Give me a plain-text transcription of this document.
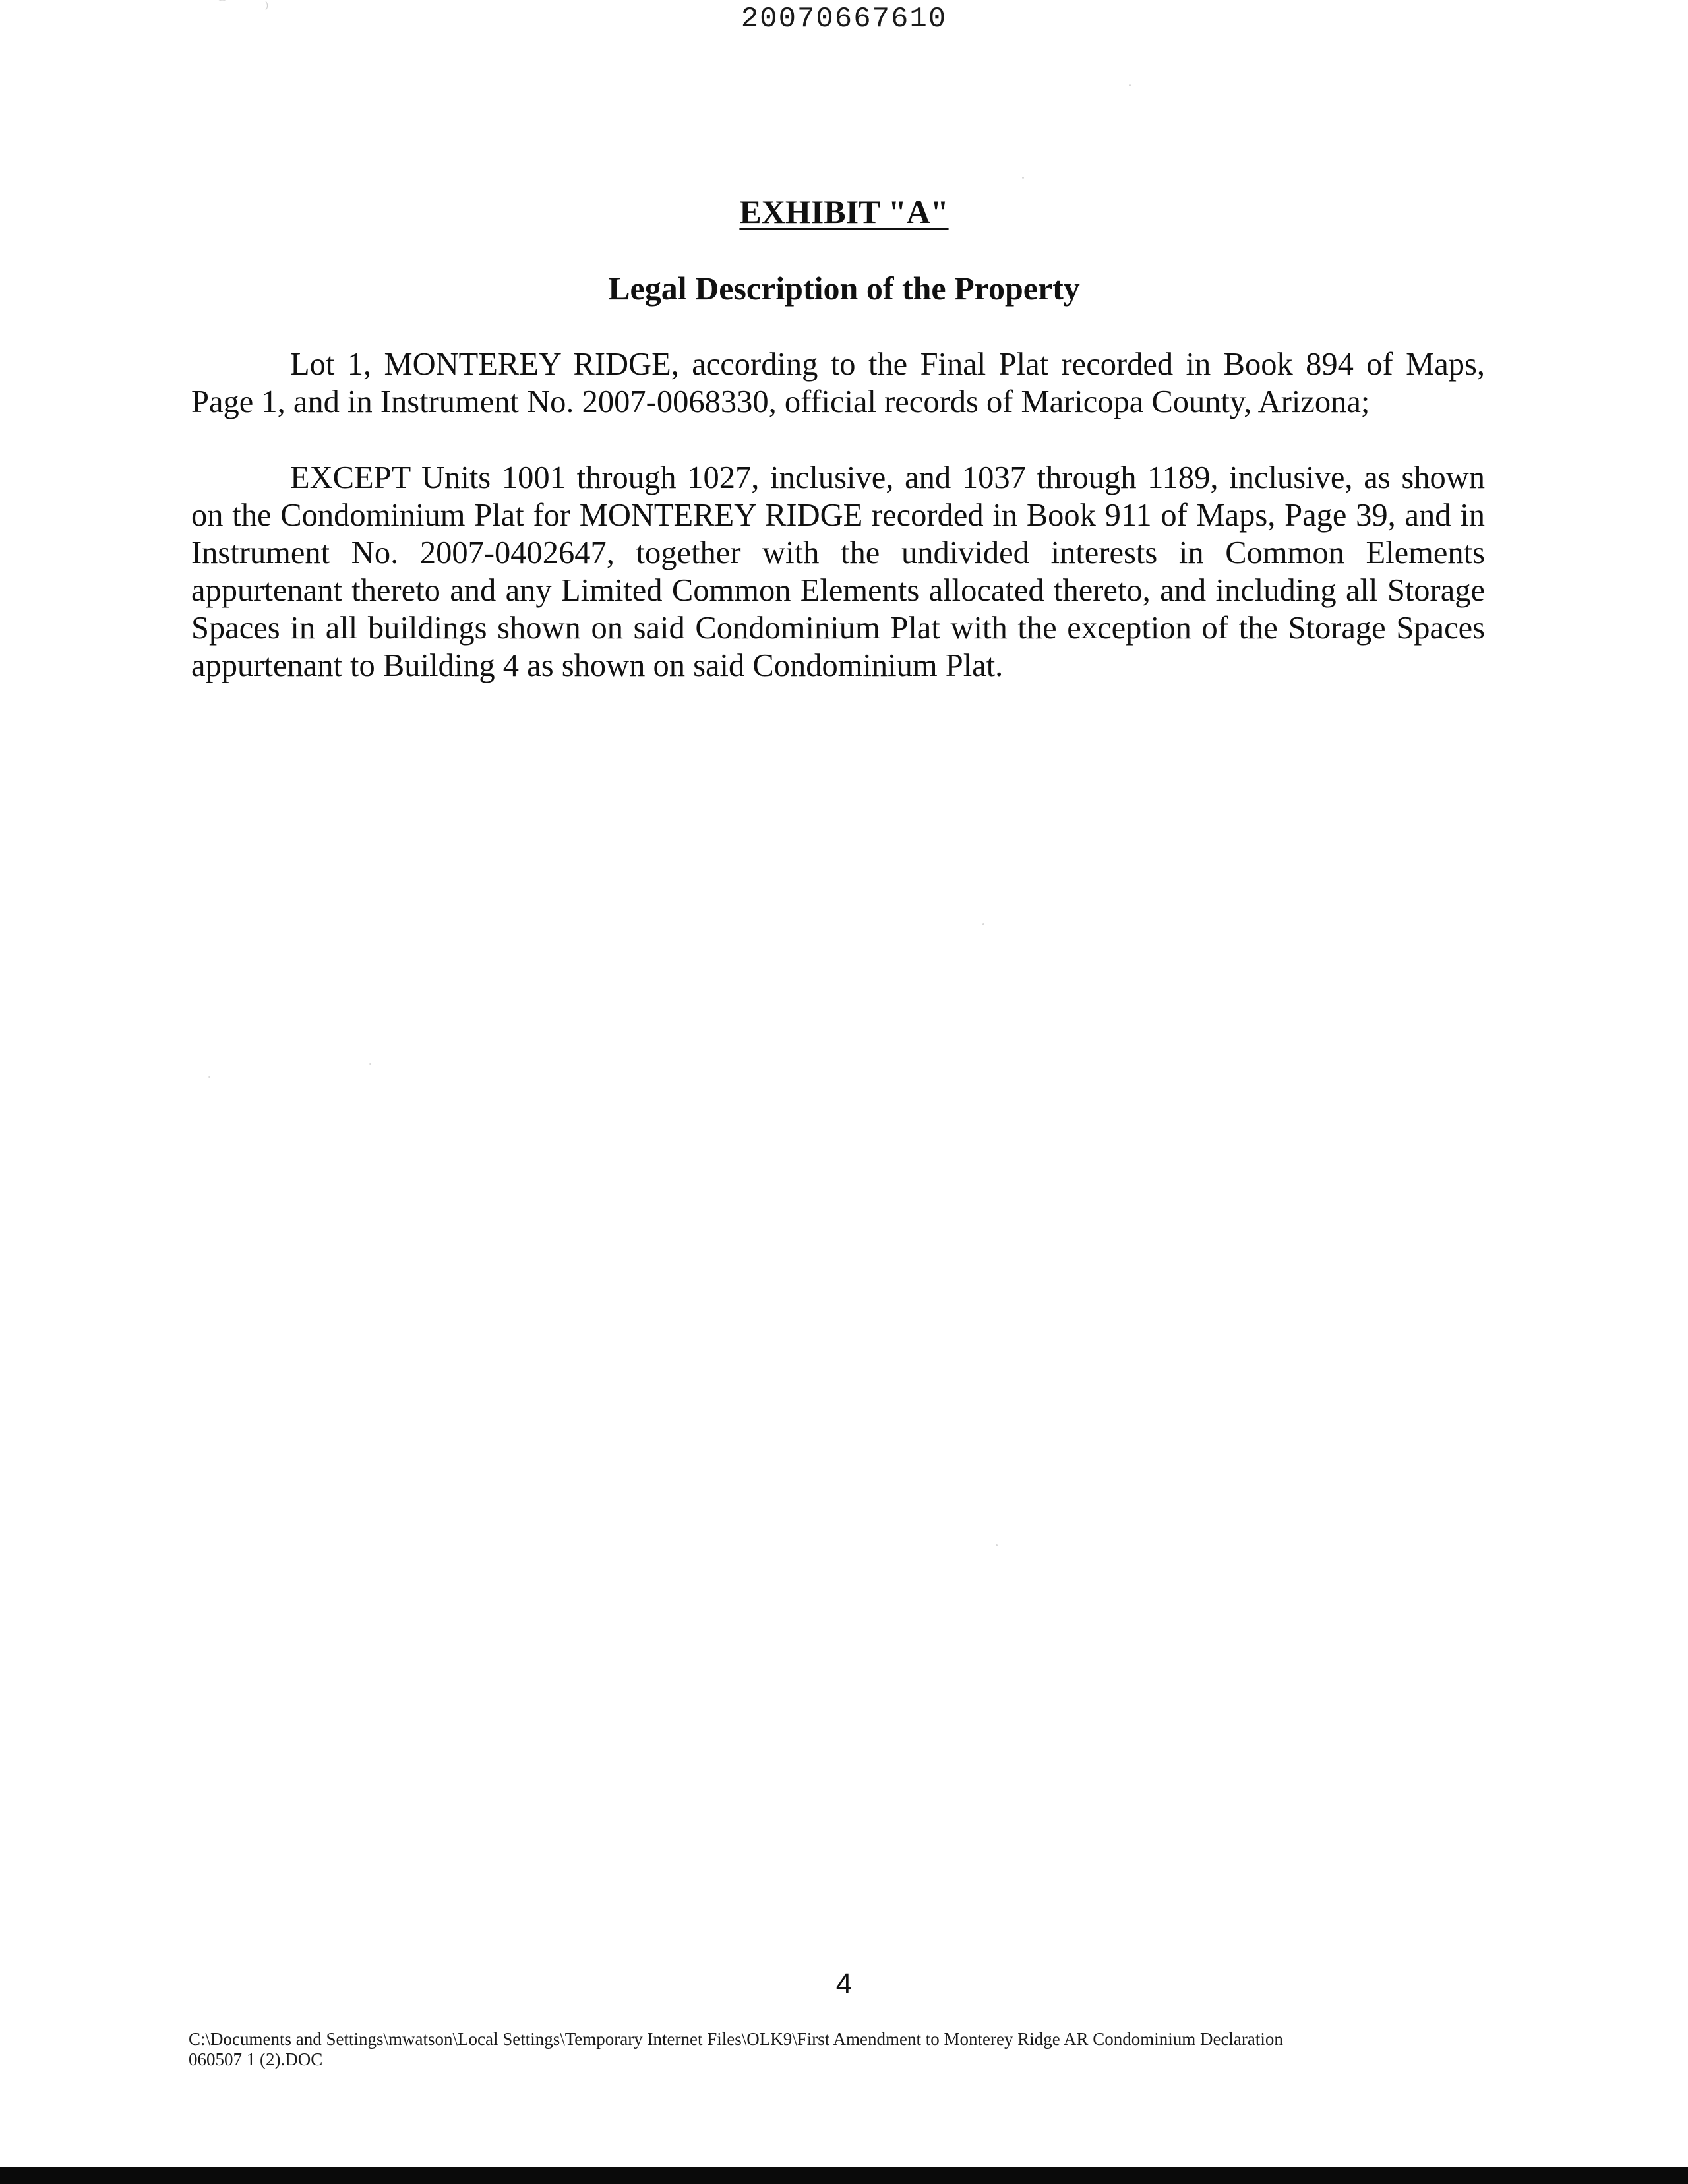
⌒               )	20070667610
EXHIBIT "A"
Legal Description of the Property

Lot 1, MONTEREY RIDGE, according to the Final Plat recorded in Book 894 of Maps, Page 1, and in Instrument No. 2007-0068330, official records of Maricopa County, Arizona;

EXCEPT Units 1001 through 1027, inclusive, and 1037 through 1189, inclusive, as shown on the Condominium Plat for MONTEREY RIDGE recorded in Book 911 of Maps, Page 39, and in Instrument No. 2007-0402647, together with the undivided interests in Common Elements appurtenant thereto and any Limited Common Elements allocated thereto, and including all Storage Spaces in all buildings shown on said Condominium Plat with the exception of the Storage Spaces appurtenant to Building 4 as shown on said Condominium Plat.

4
C:\Documents and Settings\mwatson\Local Settings\Temporary Internet Files\OLK9\First Amendment to Monterey Ridge AR Condominium Declaration
060507 1 (2).DOC
